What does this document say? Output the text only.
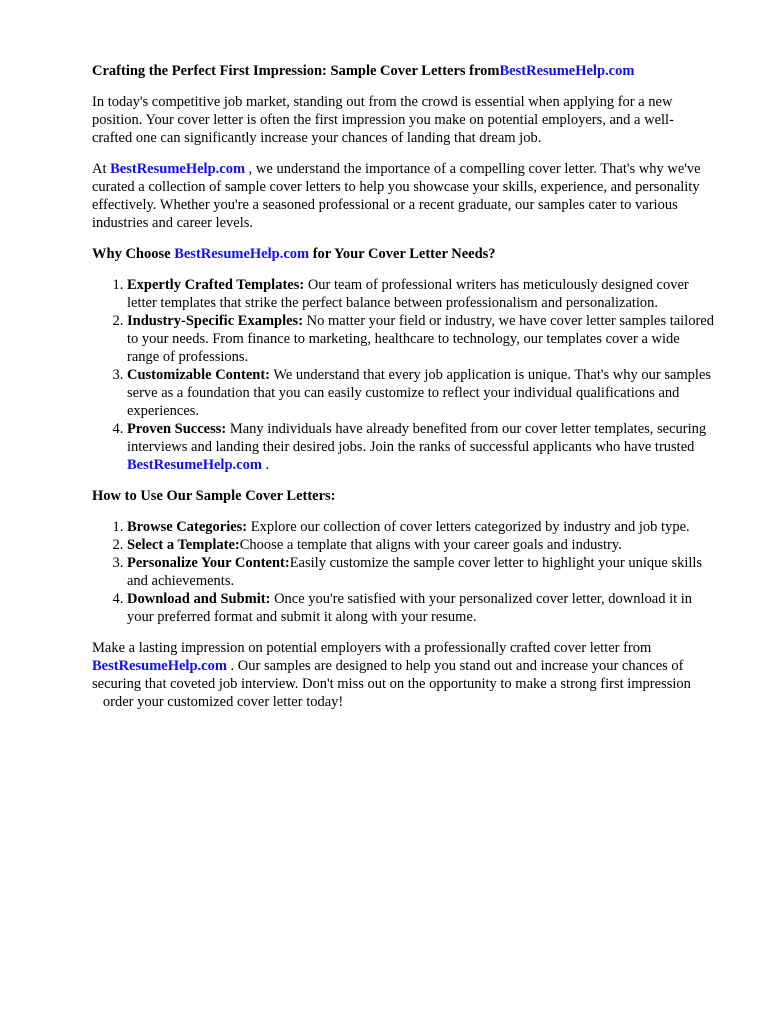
Crafting the Perfect First Impression: Sample Cover Letters fromBestResumeHelp.com

In today's competitive job market, standing out from the crowd is essential when applying for a new position. Your cover letter is often the first impression you make on potential employers, and a well-crafted one can significantly increase your chances of landing that dream job.

At BestResumeHelp.com , we understand the importance of a compelling cover letter. That's why we've curated a collection of sample cover letters to help you showcase your skills, experience, and personality effectively. Whether you're a seasoned professional or a recent graduate, our samples cater to various industries and career levels.

Why Choose BestResumeHelp.com for Your Cover Letter Needs?

1. Expertly Crafted Templates: Our team of professional writers has meticulously designed cover letter templates that strike the perfect balance between professionalism and personalization.
2. Industry-Specific Examples: No matter your field or industry, we have cover letter samples tailored to your needs. From finance to marketing, healthcare to technology, our templates cover a wide range of professions.
3. Customizable Content: We understand that every job application is unique. That's why our samples serve as a foundation that you can easily customize to reflect your individual qualifications and experiences.
4. Proven Success: Many individuals have already benefited from our cover letter templates, securing interviews and landing their desired jobs. Join the ranks of successful applicants who have trusted BestResumeHelp.com .

How to Use Our Sample Cover Letters:

1. Browse Categories: Explore our collection of cover letters categorized by industry and job type.
2. Select a Template:Choose a template that aligns with your career goals and industry.
3. Personalize Your Content:Easily customize the sample cover letter to highlight your unique skills and achievements.
4. Download and Submit: Once you're satisfied with your personalized cover letter, download it in your preferred format and submit it along with your resume.

Make a lasting impression on potential employers with a professionally crafted cover letter from BestResumeHelp.com . Our samples are designed to help you stand out and increase your chances of securing that coveted job interview. Don't miss out on the opportunity to make a strong first impression    order your customized cover letter today!
